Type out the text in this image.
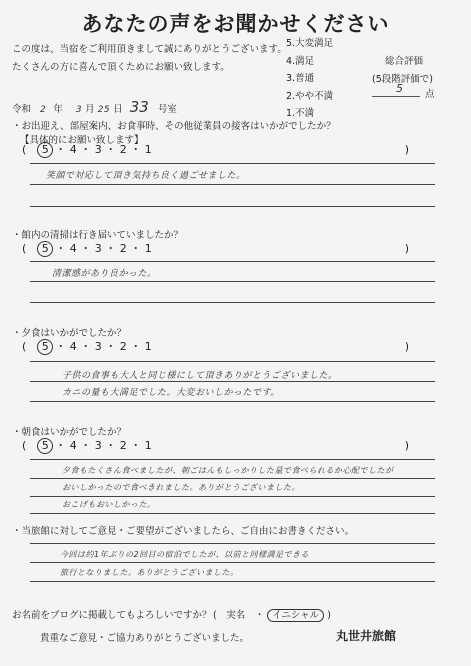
あなたの声をお聞かせください
この度は、当宿をご利用頂きまして誠にありがとうございます。
たくさんの方に喜んで頂くためにお願い致します。
5.大変満足
4.満足
3.普通
2.やや不満
1.不満
総合評価
(5段階評価で)
5 点
令和 2 年 3 月 25 日 33 号室
・お出迎え、部屋案内、お食事時、その他従業員の接客はいかがでしたか？
【具体的にお願い致します】
(　5 ・ 4 ・ 3 ・ 2 ・ 1　　　　　　　　　　　　　　　　　　　　　　　)
笑顔で対応して頂き気持ち良く過ごせました。
・館内の清掃は行き届いていましたか？
(　5 ・ 4 ・ 3 ・ 2 ・ 1　　　　　　　　　　　　　　　　　　　　　　　)
清潔感があり良かった。
・夕食はいかがでしたか？
(　5 ・ 4 ・ 3 ・ 2 ・ 1　　　　　　　　　　　　　　　　　　　　　　　)
子供の食事も大人と同じ様にして頂きありがとうございました。
カニの量も大満足でした。大変おいしかったです。
・朝食はいかがでしたか？
(　5 ・ 4 ・ 3 ・ 2 ・ 1　　　　　　　　　　　　　　　　　　　　　　　)
夕食もたくさん食べましたが、朝ごはんもしっかりした量で食べられるか心配でしたが
おいしかったので食べきれました。ありがとうございました。
おこげもおいしかった。
・当旅館に対してご意見・ご要望がございましたら、ご自由にお書きください。
今回は約1年ぶりの2回目の宿泊でしたが、以前と同様満足できる
旅行となりました。ありがとうございました。
お名前をブログに掲載してもよろしいですか？ (　実名　・ イニシャル )
貴重なご意見・ご協力ありがとうございました。	丸世井旅館
